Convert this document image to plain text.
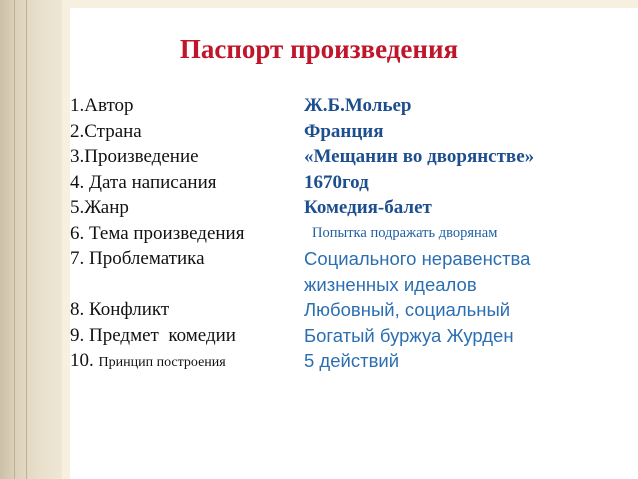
Паспорт произведения
1.Автор	Ж.Б.Мольер
2.Страна	Франция
3.Произведение	«Мещанин во дворянстве»
4. Дата написания	1670год
5.Жанр	Комедия-балет
6. Тема произведения	Попытка подражать дворянам
7. Проблематика	Социального неравенства
жизненных идеалов
8. Конфликт	Любовный, социальный
9. Предмет  комедии	Богатый буржуа Журден
10. Принцип построения	5 действий
